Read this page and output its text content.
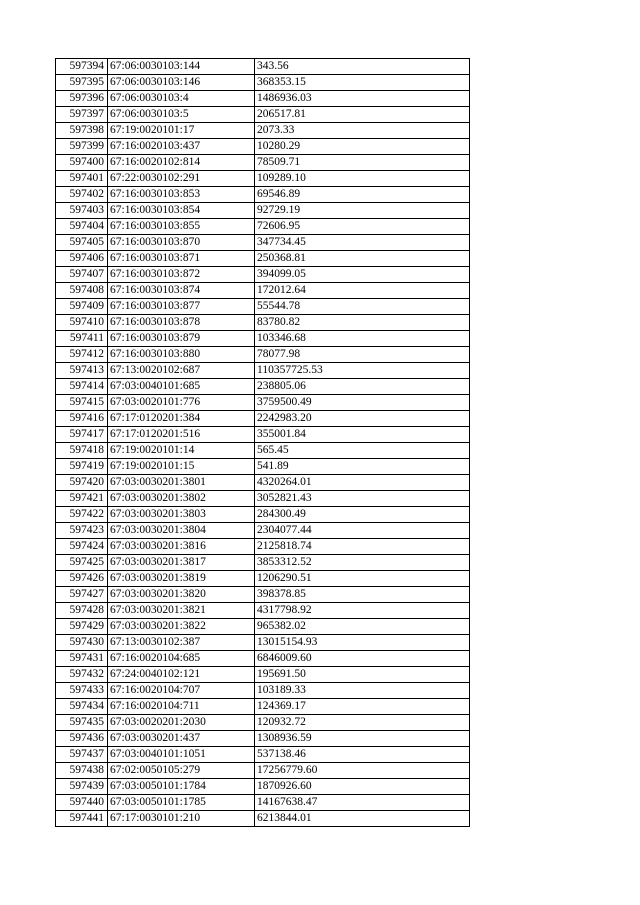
597394	67:06:0030103:144	343.56
597395	67:06:0030103:146	368353.15
597396	67:06:0030103:4	1486936.03
597397	67:06:0030103:5	206517.81
597398	67:19:0020101:17	2073.33
597399	67:16:0020103:437	10280.29
597400	67:16:0020102:814	78509.71
597401	67:22:0030102:291	109289.10
597402	67:16:0030103:853	69546.89
597403	67:16:0030103:854	92729.19
597404	67:16:0030103:855	72606.95
597405	67:16:0030103:870	347734.45
597406	67:16:0030103:871	250368.81
597407	67:16:0030103:872	394099.05
597408	67:16:0030103:874	172012.64
597409	67:16:0030103:877	55544.78
597410	67:16:0030103:878	83780.82
597411	67:16:0030103:879	103346.68
597412	67:16:0030103:880	78077.98
597413	67:13:0020102:687	110357725.53
597414	67:03:0040101:685	238805.06
597415	67:03:0020101:776	3759500.49
597416	67:17:0120201:384	2242983.20
597417	67:17:0120201:516	355001.84
597418	67:19:0020101:14	565.45
597419	67:19:0020101:15	541.89
597420	67:03:0030201:3801	4320264.01
597421	67:03:0030201:3802	3052821.43
597422	67:03:0030201:3803	284300.49
597423	67:03:0030201:3804	2304077.44
597424	67:03:0030201:3816	2125818.74
597425	67:03:0030201:3817	3853312.52
597426	67:03:0030201:3819	1206290.51
597427	67:03:0030201:3820	398378.85
597428	67:03:0030201:3821	4317798.92
597429	67:03:0030201:3822	965382.02
597430	67:13:0030102:387	13015154.93
597431	67:16:0020104:685	6846009.60
597432	67:24:0040102:121	195691.50
597433	67:16:0020104:707	103189.33
597434	67:16:0020104:711	124369.17
597435	67:03:0020201:2030	120932.72
597436	67:03:0030201:437	1308936.59
597437	67:03:0040101:1051	537138.46
597438	67:02:0050105:279	17256779.60
597439	67:03:0050101:1784	1870926.60
597440	67:03:0050101:1785	14167638.47
597441	67:17:0030101:210	6213844.01
